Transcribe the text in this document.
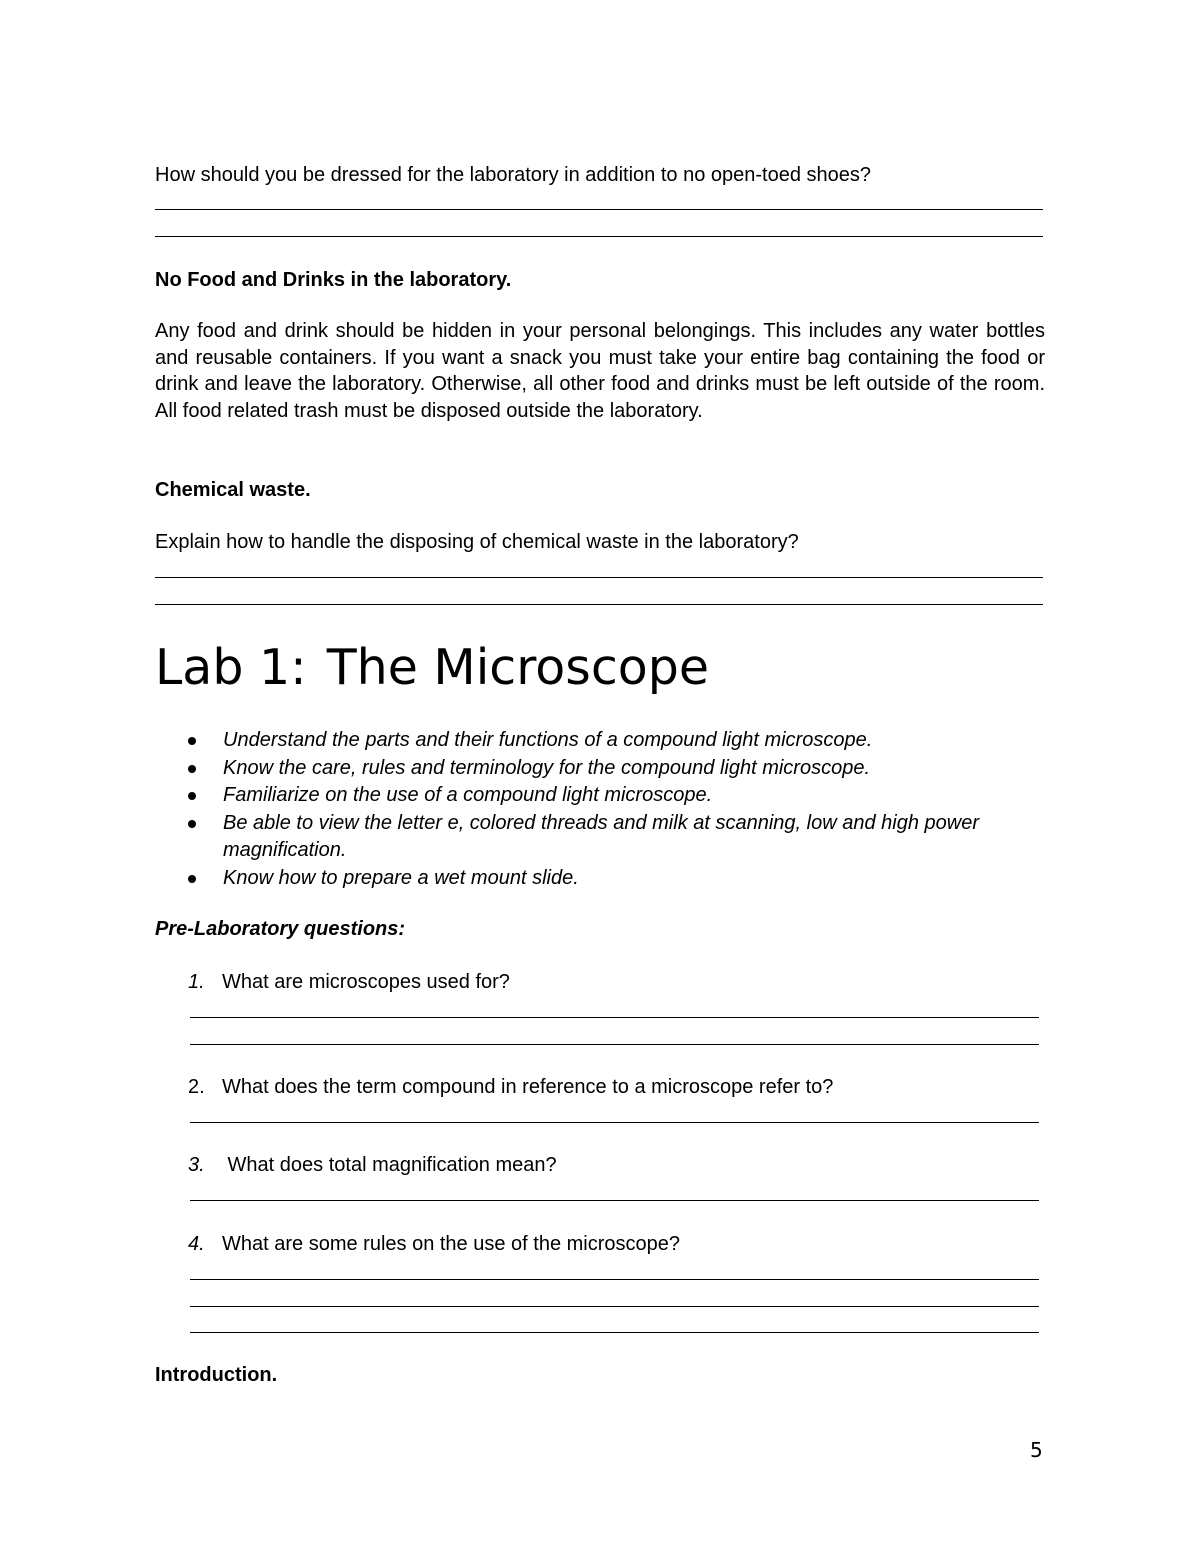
How should you be dressed for the laboratory in addition to no open-toed shoes?

No Food and Drinks in the laboratory.

Any food and drink should be hidden in your personal belongings. This includes any water bottles and reusable containers. If you want a snack you must take your entire bag containing the food or drink and leave the laboratory. Otherwise, all other food and drinks must be left outside of the room. All food related trash must be disposed outside the laboratory.

Chemical waste.

Explain how to handle the disposing of chemical waste in the laboratory?

Lab 1: The Microscope
Understand the parts and their functions of a compound light microscope.
Know the care, rules and terminology for the compound light microscope.
Familiarize on the use of a compound light microscope.
Be able to view the letter e, colored threads and milk at scanning, low and high power magnification.
Know how to prepare a wet mount slide.

Pre-Laboratory questions:

1. What are microscopes used for?

2. What does the term compound in reference to a microscope refer to?

3. What does total magnification mean?

4. What are some rules on the use of the microscope?

Introduction.

5
